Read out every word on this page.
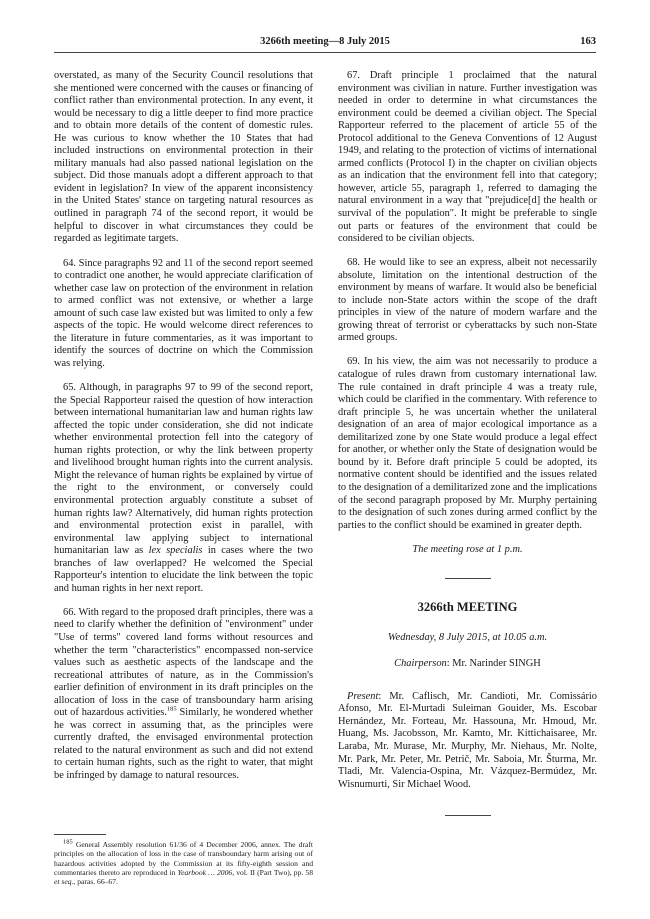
3266th meeting—8 July 2015	163

overstated, as many of the Security Council resolutions that she mentioned were concerned with the causes or financing of conflict rather than environmental protection. In any event, it would be necessary to dig a little deeper to find more practice and to obtain more details of the content of domestic rules. He was curious to know whether the 10 States that had included instructions on environmental protection in their military manuals had also passed national legislation on the subject. Did those manuals adopt a different approach to that evident in legislation? In view of the apparent inconsistency in the United States' stance on targeting natural resources as outlined in paragraph 74 of the second report, it would be helpful to discover in what circumstances they could be regarded as legitimate targets.

64. Since paragraphs 92 and 11 of the second report seemed to contradict one another, he would appreciate clarification of whether case law on protection of the environment in relation to armed conflict was not extensive, or whether a large amount of such case law existed but was limited to only a few aspects of the topic. He would welcome direct references to the literature in future commentaries, as it was important to identify the sources of doctrine on which the Commission was relying.

65. Although, in paragraphs 97 to 99 of the second report, the Special Rapporteur raised the question of how interaction between international humanitarian law and human rights law affected the topic under consideration, she did not indicate whether environmental protection fell into the category of human rights protection, or why the link between property and livelihood brought human rights into the current analysis. Might the relevance of human rights be explained by virtue of the right to the environment, or conversely could environmental protection arguably constitute a subset of human rights law? Alternatively, did human rights protection and environmental protection exist in parallel, with environmental law applying subject to international humanitarian law as lex specialis in cases where the two branches of law overlapped? He welcomed the Special Rapporteur's intention to elucidate the link between the topic and human rights in her next report.

66. With regard to the proposed draft principles, there was a need to clarify whether the definition of "environment" under "Use of terms" covered land forms without resources and whether the term "characteristics" encompassed non-service values such as aesthetic aspects of the landscape and the recreational attributes of nature, as in the Commission's earlier definition of environment in its draft principles on the allocation of loss in the case of transboundary harm arising out of hazardous activities.$^{185}$ Similarly, he wondered whether he was correct in assuming that, as the principles were currently drafted, the envisaged environmental protection related to the natural environment as such and did not extend to certain human rights, such as the right to water, that might be infringed by damage to natural resources.

$^{185}$ General Assembly resolution 61/36 of 4 December 2006, annex. The draft principles on the allocation of loss in the case of transboundary harm arising out of hazardous activities adopted by the Commission at its fifty-eighth session and commentaries thereto are reproduced in Yearbook … 2006, vol. II (Part Two), pp. 58 et seq., paras. 66–67.

67. Draft principle 1 proclaimed that the natural environment was civilian in nature. Further investigation was needed in order to determine in what circumstances the environment could be deemed a civilian object. The Special Rapporteur referred to the placement of article 55 of the Protocol additional to the Geneva Conventions of 12 August 1949, and relating to the protection of victims of international armed conflicts (Protocol I) in the chapter on civilian objects as an indication that the environment fell into that category; however, article 55, paragraph 1, referred to damaging the natural environment in a way that "prejudice[d] the health or survival of the population". It might be preferable to single out parts or features of the environment that could be considered to be civilian objects.

68. He would like to see an express, albeit not necessarily absolute, limitation on the intentional destruction of the environment by means of warfare. It would also be beneficial to include non-State actors within the scope of the draft principles in view of the nature of modern warfare and the growing threat of terrorist or cyberattacks by such non-State armed groups.

69. In his view, the aim was not necessarily to produce a catalogue of rules drawn from customary international law. The rule contained in draft principle 4 was a treaty rule, which could be clarified in the commentary. With reference to draft principle 5, he was uncertain whether the unilateral designation of an area of major ecological importance as a demilitarized zone by one State would produce a legal effect for another, or whether only the State of designation would be bound by it. Before draft principle 5 could be adopted, its normative content should be identified and the issues related to the designation of a demilitarized zone and the implications of the second paragraph proposed by Mr. Murphy pertaining to the designation of such zones during armed conflict by the parties to the conflict should be examined in greater depth.

The meeting rose at 1 p.m.
3266th MEETING
Wednesday, 8 July 2015, at 10.05 a.m.
Chairperson: Mr. Narinder SINGH

Present: Mr. Caflisch, Mr. Candioti, Mr. Comissário Afonso, Mr. El-Murtadi Suleiman Gouider, Ms. Escobar Hernández, Mr. Forteau, Mr. Hassouna, Mr. Hmoud, Mr. Huang, Ms. Jacobsson, Mr. Kamto, Mr. Kittichaisaree, Mr. Laraba, Mr. Murase, Mr. Murphy, Mr. Niehaus, Mr. Nolte, Mr. Park, Mr. Peter, Mr. Petrič, Mr. Saboia, Mr. Šturma, Mr. Tladi, Mr. Valencia-Ospina, Mr. Vázquez-Bermúdez, Mr. Wisnumurti, Sir Michael Wood.
